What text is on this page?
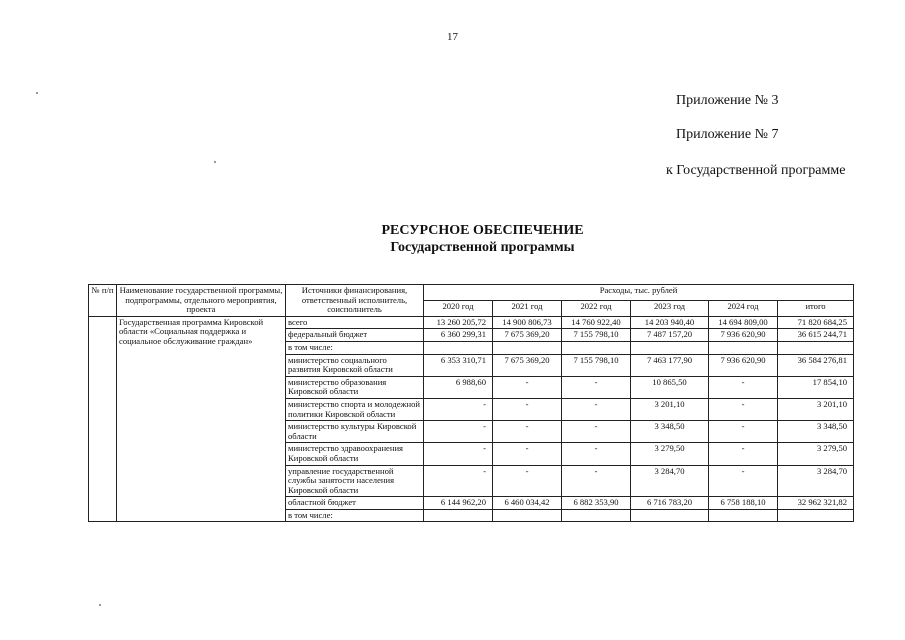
17
Приложение № 3
Приложение № 7
к Государственной программе
РЕСУРСНОЕ ОБЕСПЕЧЕНИЕ
Государственной программы
№ п/п	Наименование государственной программы, подпрограммы, отдельного мероприятия, проекта	Источники финансирования, ответственный исполнитель, соисполнитель	Расходы, тыс. рублей					
			2020 год	2021 год	2022 год	2023 год	2024 год	итого
	Государственная программа Кировской области «Социальная поддержка и социальное обслуживание граждан»	всего	13 260 205,72	14 900 806,73	14 760 922,40	14 203 940,40	14 694 809,00	71 820 684,25
		федеральный бюджет	6 360 299,31	7 675 369,20	7 155 798,10	7 487 157,20	7 936 620,90	36 615 244,71
		в том числе:						
		министерство социального развития Кировской области	6 353 310,71	7 675 369,20	7 155 798,10	7 463 177,90	7 936 620,90	36 584 276,81
		министерство образования Кировской области	6 988,60	-	-	10 865,50	-	17 854,10
		министерство спорта и молодежной политики Кировской области	-	-	-	3 201,10	-	3 201,10
		министерство культуры Кировской области	-	-	-	3 348,50	-	3 348,50
		министерство здравоохранения Кировской области	-	-	-	3 279,50	-	3 279,50
		управление государственной службы занятости населения Кировской области	-	-	-	3 284,70	-	3 284,70
		областной бюджет	6 144 962,20	6 460 034,42	6 882 353,90	6 716 783,20	6 758 188,10	32 962 321,82
		в том числе:						
